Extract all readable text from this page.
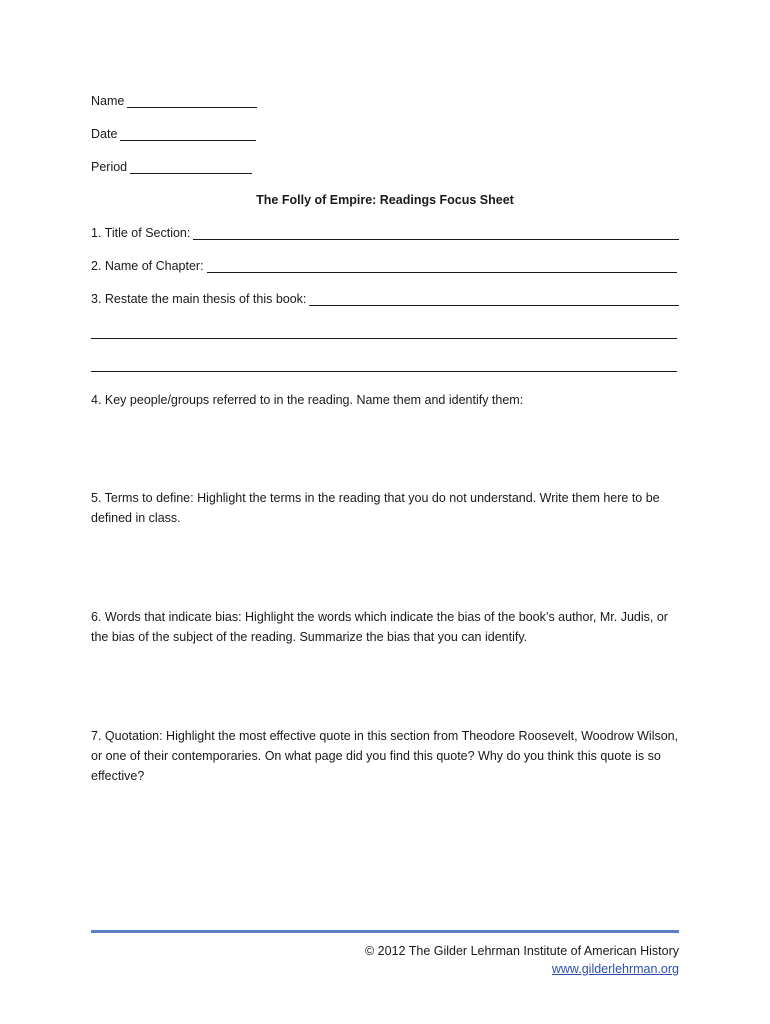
Name
Date
Period
The Folly of Empire: Readings Focus Sheet
1. Title of Section:
2. Name of Chapter:
3. Restate the main thesis of this book:
4. Key people/groups referred to in the reading. Name them and identify them:
5. Terms to define: Highlight the terms in the reading that you do not understand. Write them here to be defined in class.
6. Words that indicate bias: Highlight the words which indicate the bias of the book’s author, Mr. Judis, or the bias of the subject of the reading. Summarize the bias that you can identify.
7. Quotation: Highlight the most effective quote in this section from Theodore Roosevelt, Woodrow Wilson, or one of their contemporaries. On what page did you find this quote? Why do you think this quote is so effective?
© 2012 The Gilder Lehrman Institute of American History
www.gilderlehrman.org
